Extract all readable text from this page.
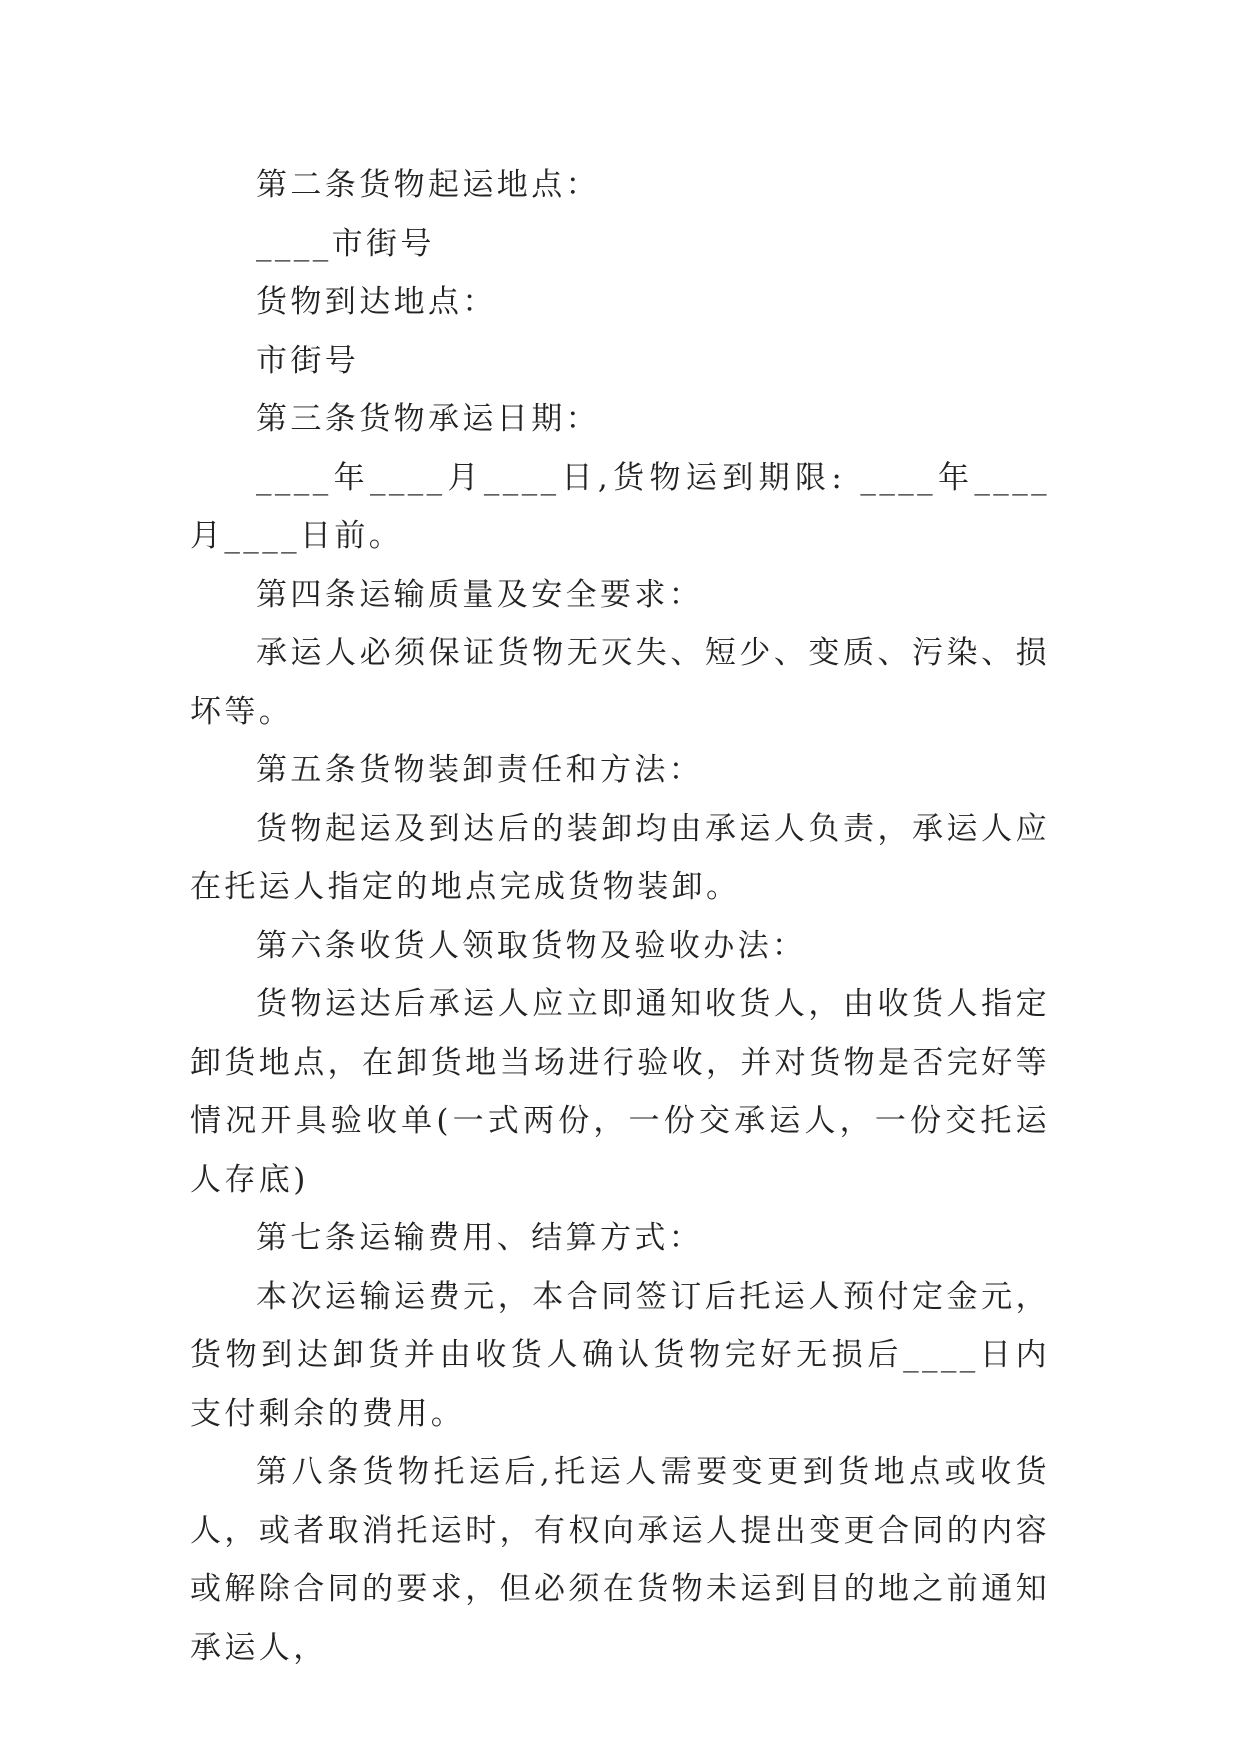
第二条货物起运地点：

____市街号

货物到达地点：

市街号

第三条货物承运日期：

____年____月____日,货物运到期限: ____年____月____日前。

第四条运输质量及安全要求：

承运人必须保证货物无灭失、短少、变质、污染、损坏等。

第五条货物装卸责任和方法：

货物起运及到达后的装卸均由承运人负责，承运人应在托运人指定的地点完成货物装卸。

第六条收货人领取货物及验收办法：

货物运达后承运人应立即通知收货人，由收货人指定卸货地点，在卸货地当场进行验收，并对货物是否完好等情况开具验收单(一式两份，一份交承运人，一份交托运人存底)

第七条运输费用、结算方式：

本次运输运费元，本合同签订后托运人预付定金元，货物到达卸货并由收货人确认货物完好无损后____日内支付剩余的费用。

第八条货物托运后,托运人需要变更到货地点或收货人，或者取消托运时，有权向承运人提出变更合同的内容或解除合同的要求，但必须在货物未运到目的地之前通知承运人，
